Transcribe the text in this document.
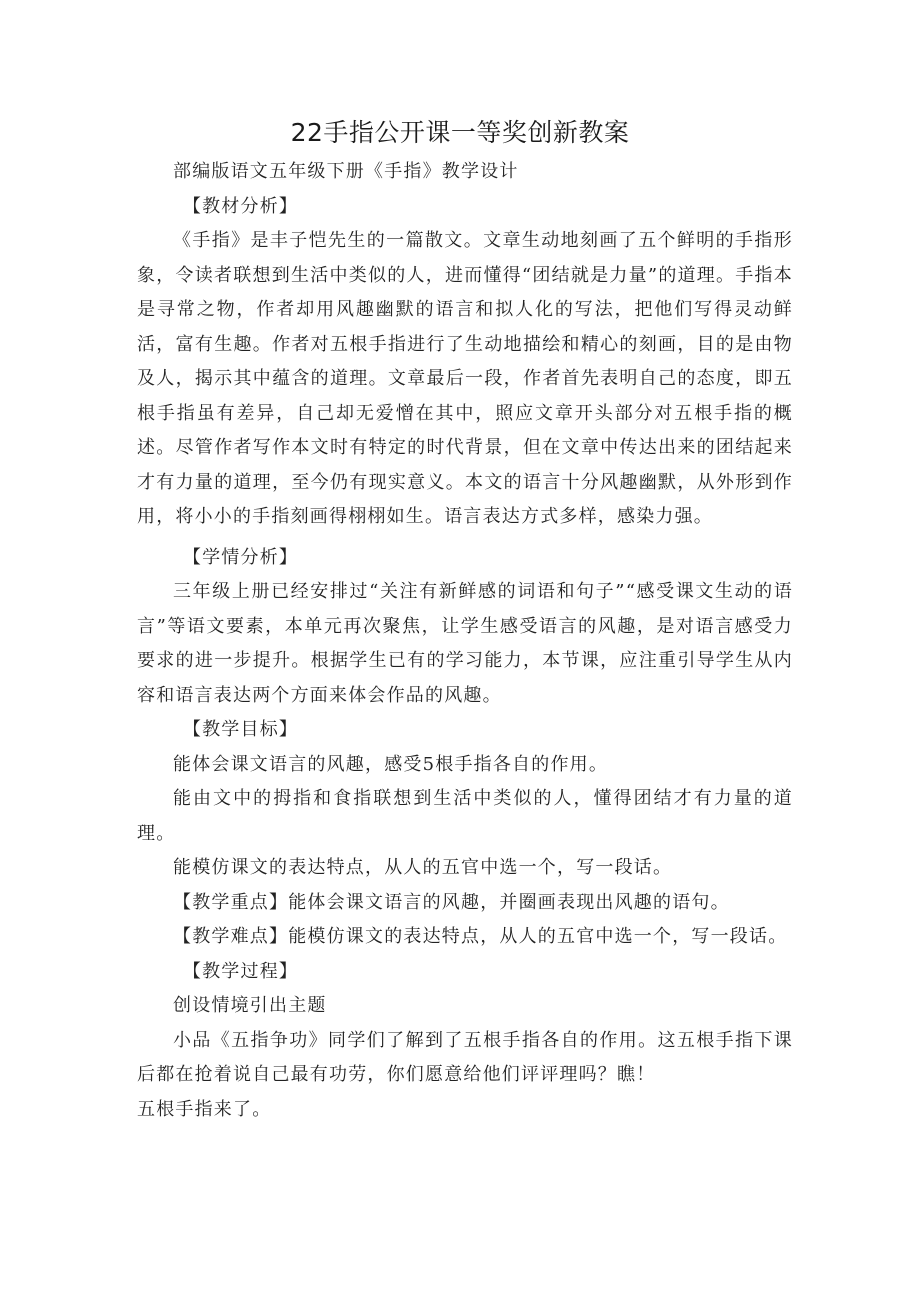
22手指公开课一等奖创新教案

部编版语文五年级下册《手指》教学设计

【教材分析】

《手指》是丰子恺先生的一篇散文。文章生动地刻画了五个鲜明的手指形象，令读者联想到生活中类似的人，进而懂得“团结就是力量”的道理。手指本是寻常之物，作者却用风趣幽默的语言和拟人化的写法，把他们写得灵动鲜活，富有生趣。作者对五根手指进行了生动地描绘和精心的刻画，目的是由物及人，揭示其中蕴含的道理。文章最后一段，作者首先表明自己的态度，即五根手指虽有差异，自己却无爱憎在其中，照应文章开头部分对五根手指的概述。尽管作者写作本文时有特定的时代背景，但在文章中传达出来的团结起来才有力量的道理，至今仍有现实意义。本文的语言十分风趣幽默，从外形到作用，将小小的手指刻画得栩栩如生。语言表达方式多样，感染力强。

【学情分析】

三年级上册已经安排过“关注有新鲜感的词语和句子”“感受课文生动的语言”等语文要素，本单元再次聚焦，让学生感受语言的风趣，是对语言感受力要求的进一步提升。根据学生已有的学习能力，本节课，应注重引导学生从内容和语言表达两个方面来体会作品的风趣。

【教学目标】

能体会课文语言的风趣，感受5根手指各自的作用。

能由文中的拇指和食指联想到生活中类似的人，懂得团结才有力量的道理。

能模仿课文的表达特点，从人的五官中选一个，写一段话。

【教学重点】能体会课文语言的风趣，并圈画表现出风趣的语句。

【教学难点】能模仿课文的表达特点，从人的五官中选一个，写一段话。

【教学过程】

创设情境引出主题

小品《五指争功》同学们了解到了五根手指各自的作用。这五根手指下课后都在抢着说自己最有功劳，你们愿意给他们评评理吗？瞧！

五根手指来了。
